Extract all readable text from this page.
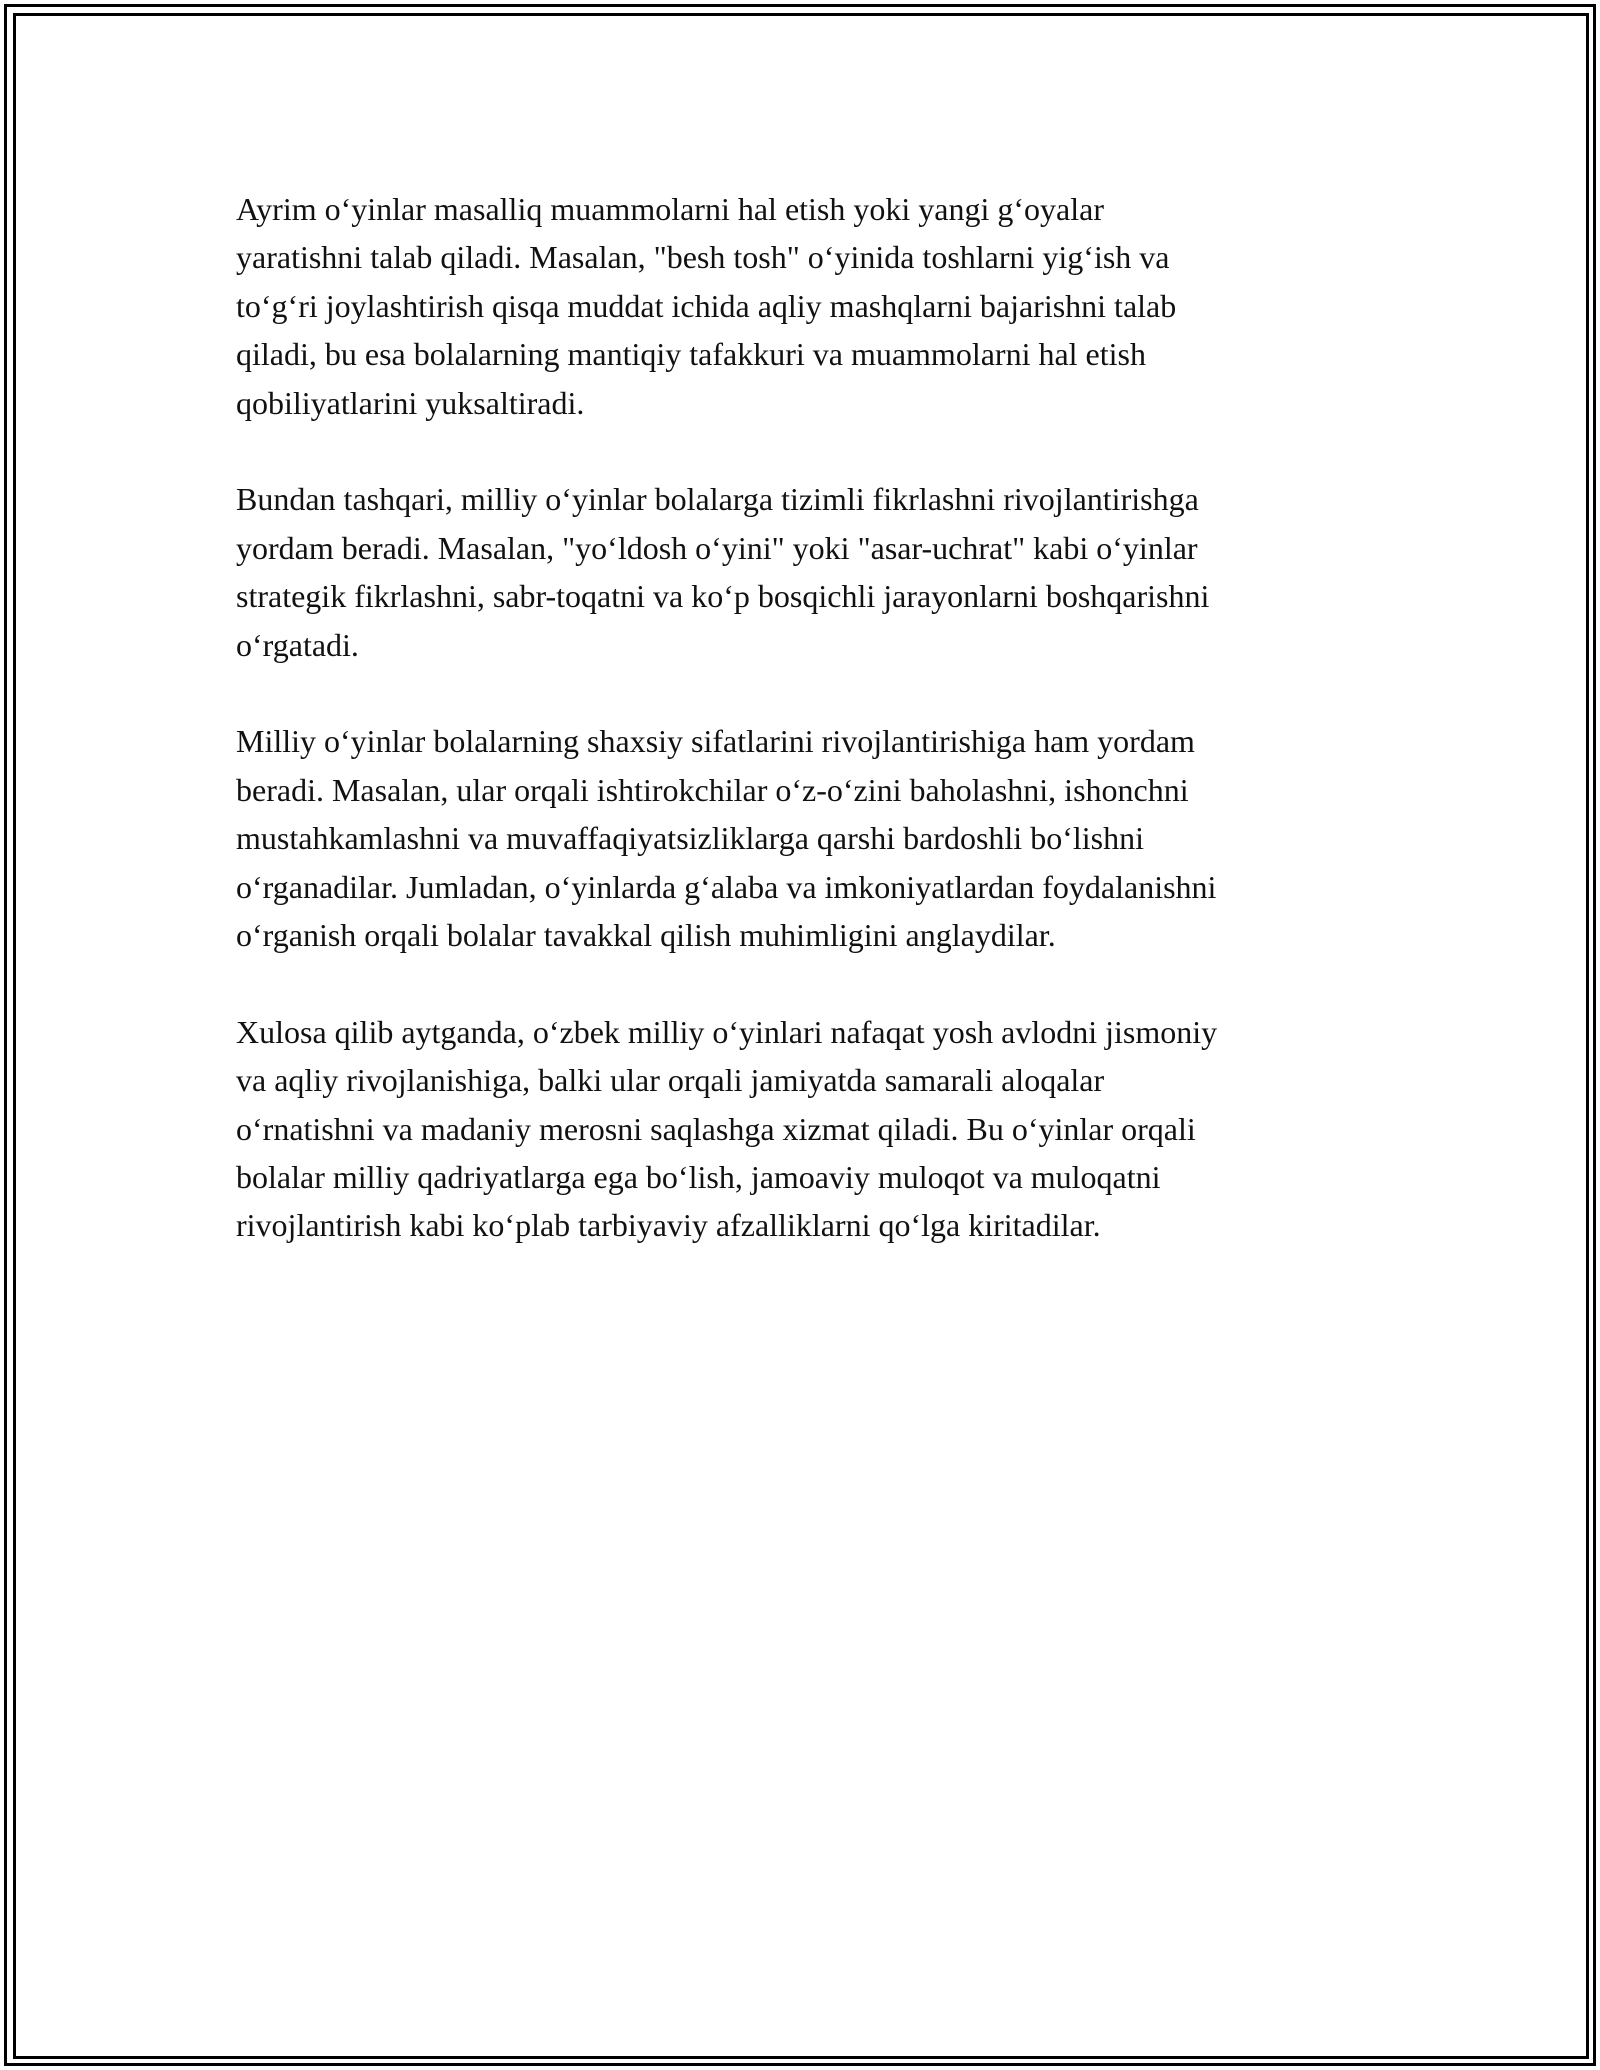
Ayrim o‘yinlar masalliq muammolarni hal etish yoki yangi g‘oyalar
yaratishni talab qiladi. Masalan, "besh tosh" o‘yinida toshlarni yig‘ish va
to‘g‘ri joylashtirish qisqa muddat ichida aqliy mashqlarni bajarishni talab
qiladi, bu esa bolalarning mantiqiy tafakkuri va muammolarni hal etish
qobiliyatlarini yuksaltiradi.

Bundan tashqari, milliy o‘yinlar bolalarga tizimli fikrlashni rivojlantirishga
yordam beradi. Masalan, "yo‘ldosh o‘yini" yoki "asar-uchrat" kabi o‘yinlar
strategik fikrlashni, sabr-toqatni va ko‘p bosqichli jarayonlarni boshqarishni
o‘rgatadi.

Milliy o‘yinlar bolalarning shaxsiy sifatlarini rivojlantirishiga ham yordam
beradi. Masalan, ular orqali ishtirokchilar o‘z-o‘zini baholashni, ishonchni
mustahkamlashni va muvaffaqiyatsizliklarga qarshi bardoshli bo‘lishni
o‘rganadilar. Jumladan, o‘yinlarda g‘alaba va imkoniyatlardan foydalanishni
o‘rganish orqali bolalar tavakkal qilish muhimligini anglaydilar.

Xulosa qilib aytganda, o‘zbek milliy o‘yinlari nafaqat yosh avlodni jismoniy
va aqliy rivojlanishiga, balki ular orqali jamiyatda samarali aloqalar
o‘rnatishni va madaniy merosni saqlashga xizmat qiladi. Bu o‘yinlar orqali
bolalar milliy qadriyatlarga ega bo‘lish, jamoaviy muloqot va muloqatni
rivojlantirish kabi ko‘plab tarbiyaviy afzalliklarni qo‘lga kiritadilar.
